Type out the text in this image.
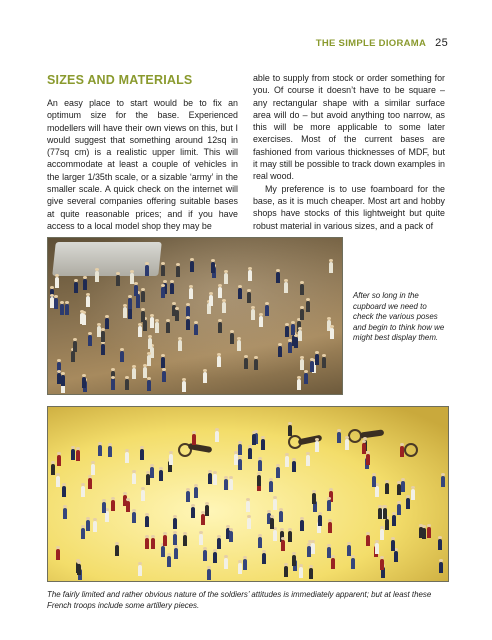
THE SIMPLE DIORAMA 25
SIZES AND MATERIALS

An easy place to start would be to fix an optimum size for the base. Experienced modellers will have their own views on this, but I would suggest that something around 12sq in (77sq cm) is a realistic upper limit. This will accommodate at least a couple of vehicles in the larger 1/35th scale, or a sizable ‘army’ in the smaller scale. A quick check on the internet will give several companies offering suitable bases at quite reasonable prices; and if you have access to a local model shop they may be

able to supply from stock or order something for you. Of course it doesn’t have to be square – any rectangular shape with a similar surface area will do – but avoid anything too narrow, as this will be more applicable to some later exercises. Most of the current bases are fashioned from various thicknesses of MDF, but it may still be possible to track down examples in real wood.

My preference is to use foamboard for the base, as it is much cheaper. Most art and hobby shops have stocks of this lightweight but quite robust material in various sizes, and a pack of

After so long in the cupboard we need to check the various poses and begin to think how we might best display them.

The fairly limited and rather obvious nature of the soldiers’ attitudes is immediately apparent; but at least these French troops include some artillery pieces.
